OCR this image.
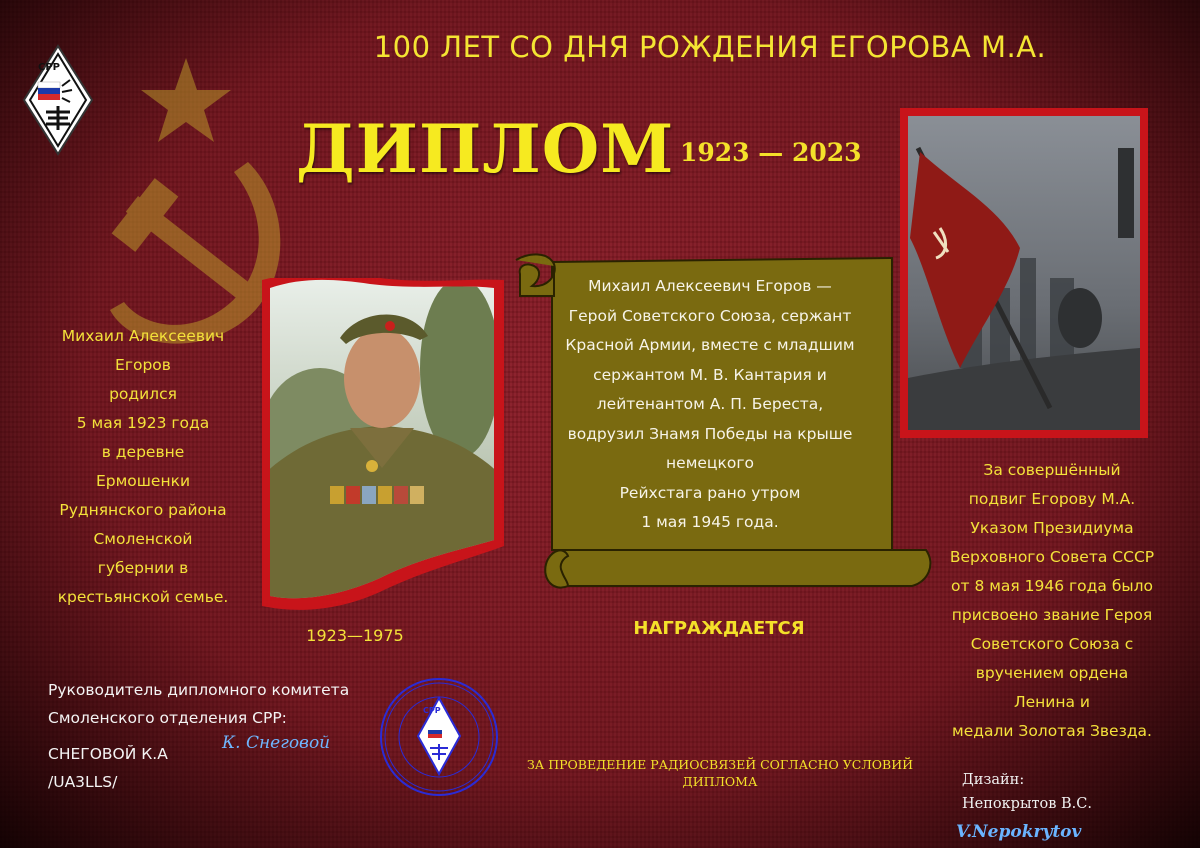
СРР
100 ЛЕТ СО ДНЯ РОЖДЕНИЯ ЕГОРОВА М.А.
ДИПЛОМ 1923 — 2023
Михаил Алексеевич
Егоров
родился
5 мая 1923 года
в деревне
Ермошенки
Руднянского района
Смоленской
губернии в
крестьянской семье.
1923—1975
Михаил Алексеевич Егоров —
Герой Советского Союза, сержант
Красной Армии, вместе с младшим
сержантом М. В. Кантария и
лейтенантом А. П. Береста,
водрузил Знамя Победы на крыше
немецкого
Рейхстага рано утром
1 мая 1945 года.
НАГРАЖДАЕТСЯ
За совершённый
подвиг Егорову М.А.
Указом Президиума
Верховного Совета СССР
от 8 мая 1946 года было
присвоено звание Героя
Советского Союза с
вручением ордена
Ленина и
медали Золотая Звезда.
Руководитель дипломного комитета
Смоленского отделения СРР:
СНЕГОВОЙ К.А
/UA3LLS/
К. Снеговой
СРР
ЗА ПРОВЕДЕНИЕ РАДИОСВЯЗЕЙ СОГЛАСНО УСЛОВИЙ
ДИПЛОМА	Дизайн:
Непокрытов В.С.
V.Nepokrytov
